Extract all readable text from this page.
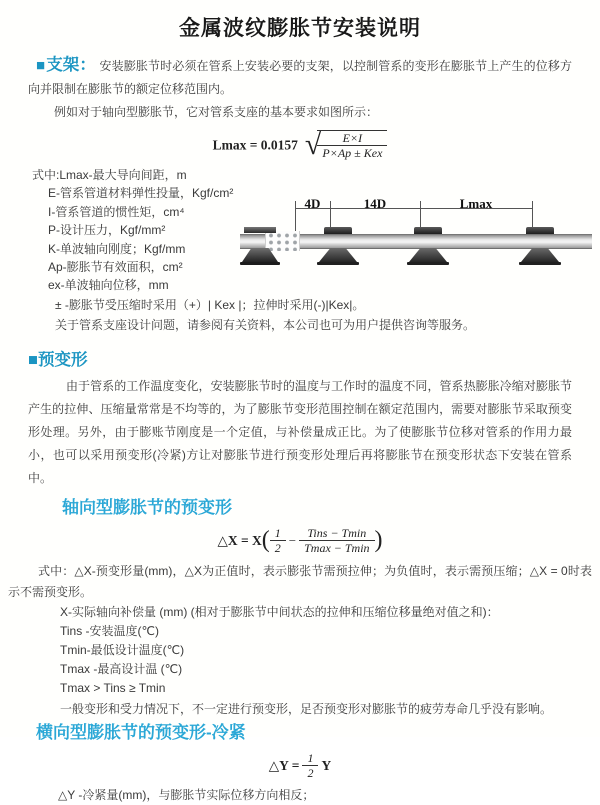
金属波纹膨胀节安装说明

■支架： 安装膨胀节时必须在管系上安装必要的支架，以控制管系的变形在膨胀节上产生的位移方向并限制在膨胀节的额定位移范围内。

例如对于轴向型膨胀节，它对管系支座的基本要求如图所示：

Lmax = 0.0157 √
$\frac{E\times I}{\text{P×Ap ± Kex}}$
式中:Lmax-最大导向间距，m
E-管系管道材料弹性投量，Kgf/cm²
I-管系管道的惯性矩，cm⁴
P-设计压力，Kgf/mm²
K-单波轴向刚度；Kgf/mm
Ap-膨胀节有效面积，cm²
ex-单波轴向位移，mm
4D	14D	Lmax
± -膨胀节受压缩时采用（+）| Kex |；拉伸时采用(-)|Kex|。
关于管系支座设计问题，请参阅有关资料，本公司也可为用户提供咨询等服务。
■预变形

由于管系的工作温度变化，安装膨胀节时的温度与工作时的温度不同，管系热膨胀冷缩对膨胀节产生的拉伸、压缩量常常是不均等的，为了膨胀节变形范围控制在额定范围内，需要对膨胀节采取预变形处理。另外，由于膨账节刚度是一个定值，与补偿量成正比。为了使膨胀节位移对管系的作用力最小，也可以采用预变形(冷紧)方让对膨胀节进行预变形处理后再将膨胀节在预变形状态下安装在管系中。

轴向型膨胀节的预变形
△X = $X( \frac{1}{2} - \frac{\text{Tins − Tmin}}{Tmax - Tmin}$ )

式中：△X-预变形量(mm)，△X为正值时，表示膨张节需预拉伸；为负值时，表示需预压缩；△X = 0时表示不需预变形。

X-实际轴向补偿量 (mm) (相对于膨胀节中间状态的拉伸和压缩位移量绝对值之和)：
Tins -安装温度(℃)
Tmin-最低设计温度(℃)
Tmax -最高设计温 (℃)
Tmax > Tins ≥ Tmin
一般变形和受力情况下，不一定进行预变形，足否预变形对膨胀节的疲劳寿命几乎没有影响。
横向型膨胀节的预变形-冷紧
△Y = $\frac{1}{2}$ Y
△Y -冷紧量(mm)，与膨胀节实际位移方向相反；
